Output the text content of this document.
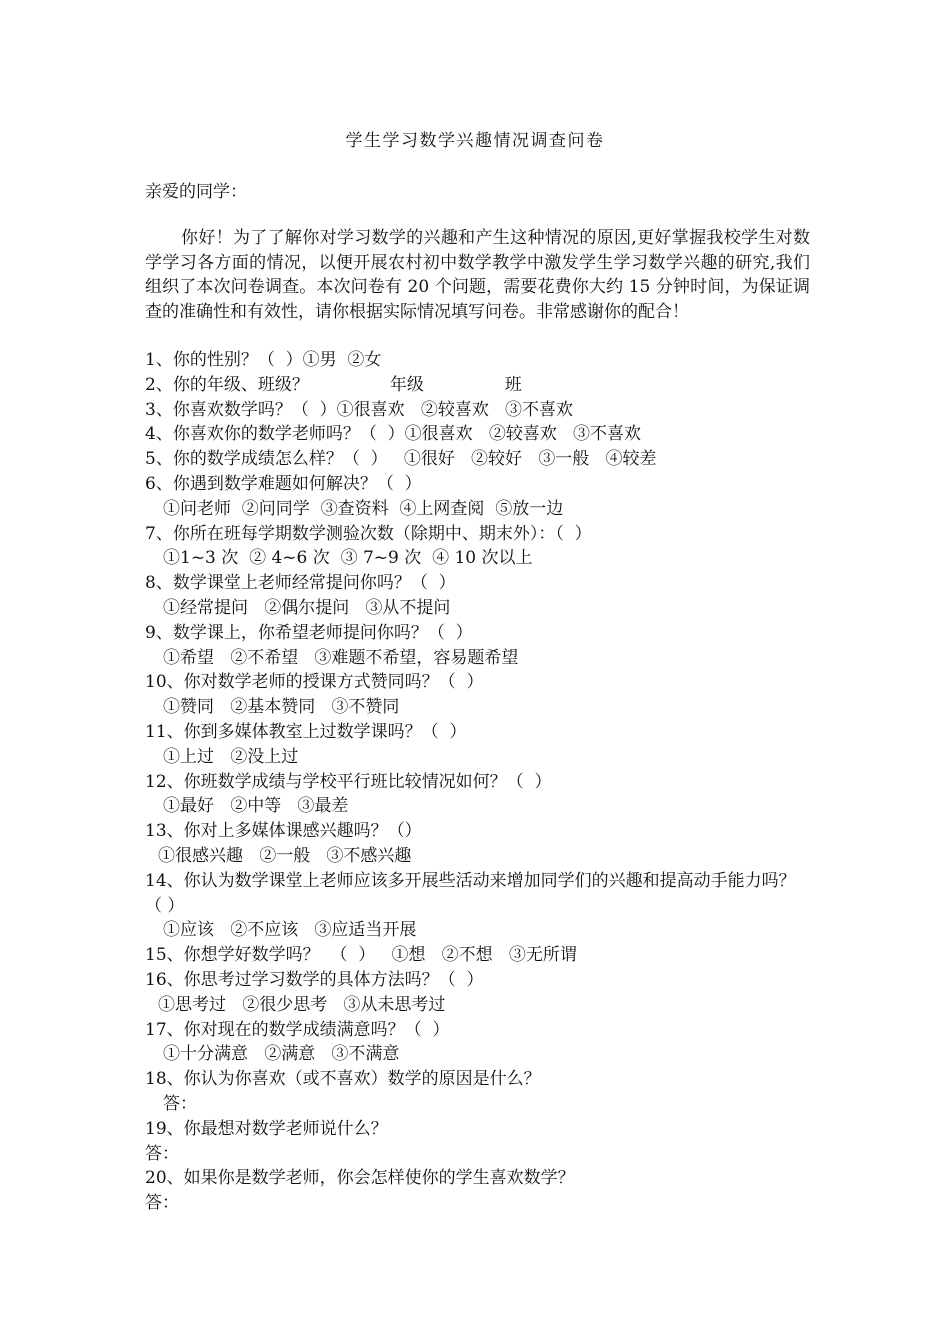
学生学习数学兴趣情况调查问卷
亲爱的同学：
你好！为了了解你对学习数学的兴趣和产生这种情况的原因,更好掌握我校学生对数学学习各方面的情况，以便开展农村初中数学教学中激发学生学习数学兴趣的研究,我们组织了本次问卷调查。本次问卷有 20 个问题，需要花费你大约 15 分钟时间，为保证调查的准确性和有效性，请你根据实际情况填写问卷。非常感谢你的配合！
1、你的性别？（  ）①男  ②女
2、你的年级、班级？               年级               班
3、你喜欢数学吗？（  ）①很喜欢   ②较喜欢   ③不喜欢
4、你喜欢你的数学老师吗？（  ）①很喜欢   ②较喜欢   ③不喜欢
5、你的数学成绩怎么样？（  ）   ①很好   ②较好   ③一般   ④较差
6、你遇到数学难题如何解决？（  ）
①问老师  ②问同学  ③查资料  ④上网查阅  ⑤放一边
7、你所在班每学期数学测验次数（除期中、期末外）：（  ）
①1~3 次  ② 4~6 次  ③ 7~9 次  ④ 10 次以上
8、数学课堂上老师经常提问你吗？（  ）
①经常提问   ②偶尔提问   ③从不提问
9、数学课上，你希望老师提问你吗？（  ）
①希望   ②不希望   ③难题不希望，容易题希望
10、你对数学老师的授课方式赞同吗？（  ）
①赞同   ②基本赞同   ③不赞同
11、你到多媒体教室上过数学课吗？（  ）
①上过   ②没上过
12、你班数学成绩与学校平行班比较情况如何？（  ）
①最好   ②中等   ③最差
13、你对上多媒体课感兴趣吗？（）
①很感兴趣   ②一般   ③不感兴趣
14、你认为数学课堂上老师应该多开展些活动来增加同学们的兴趣和提高动手能力吗？（ ）
①应该   ②不应该   ③应适当开展
15、你想学好数学吗？  （  ）   ①想   ②不想   ③无所谓
16、你思考过学习数学的具体方法吗？（  ）
①思考过   ②很少思考   ③从未思考过
17、你对现在的数学成绩满意吗？（  ）
①十分满意   ②满意   ③不满意
18、你认为你喜欢（或不喜欢）数学的原因是什么？
答：
19、你最想对数学老师说什么？
答：
20、如果你是数学老师，你会怎样使你的学生喜欢数学？
答：
